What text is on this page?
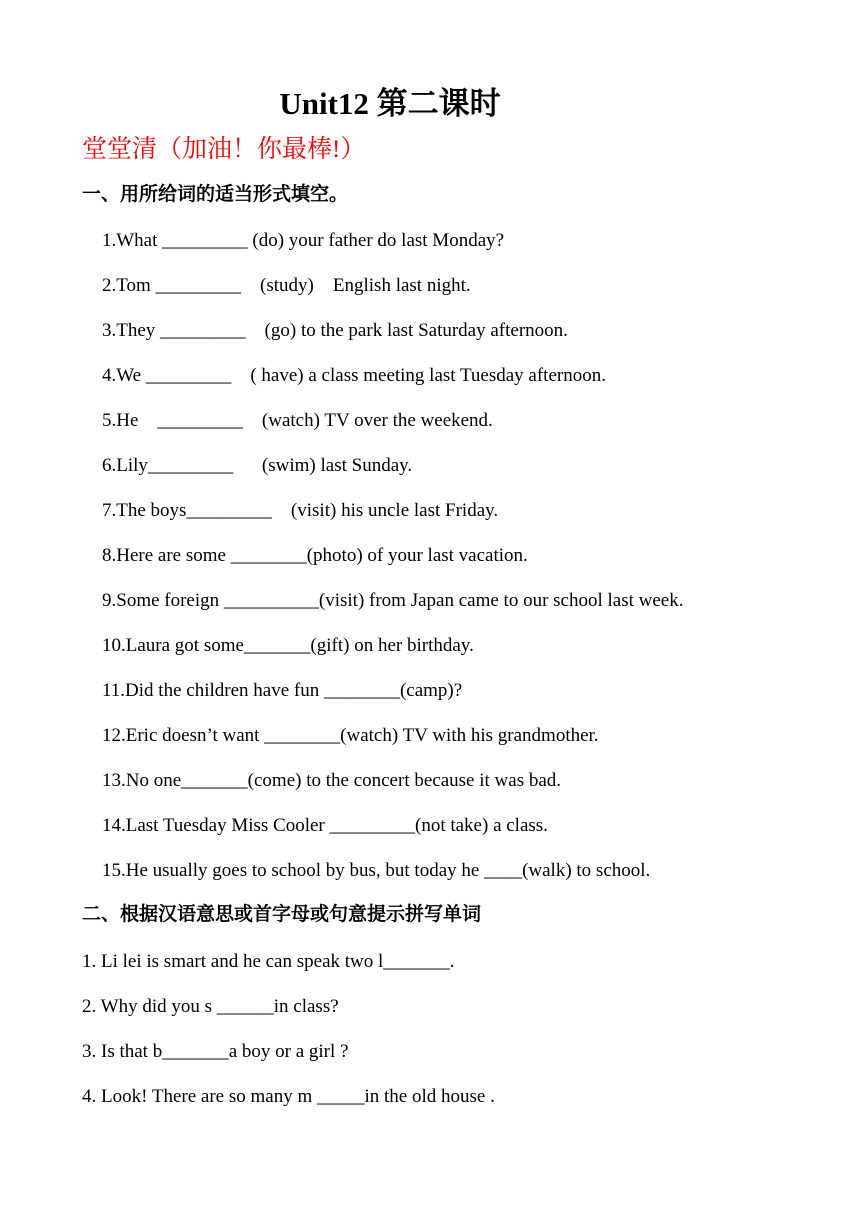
Unit12 第二课时
堂堂清（加油！你最棒!）
一、用所给词的适当形式填空。
1.What _________ (do) your father do last Monday?
2.Tom _________    (study)    English last night.
3.They _________    (go) to the park last Saturday afternoon.
4.We _________    ( have) a class meeting last Tuesday afternoon.
5.He    _________    (watch) TV over the weekend.
6.Lily_________      (swim) last Sunday.
7.The boys_________    (visit) his uncle last Friday.
8.Here are some ________(photo) of your last vacation.
9.Some foreign __________(visit) from Japan came to our school last week.
10.Laura got some_______(gift) on her birthday.
11.Did the children have fun ________(camp)?
12.Eric doesn’t want ________(watch) TV with his grandmother.
13.No one_______(come) to the concert because it was bad.
14.Last Tuesday Miss Cooler _________(not take) a class.
15.He usually goes to school by bus, but today he ____(walk) to school.
二、根据汉语意思或首字母或句意提示拼写单词
1. Li lei is smart and he can speak two l_______.
2. Why did you s ______in class?
3. Is that b_______a boy or a girl ?
4. Look! There are so many m _____in the old house .
